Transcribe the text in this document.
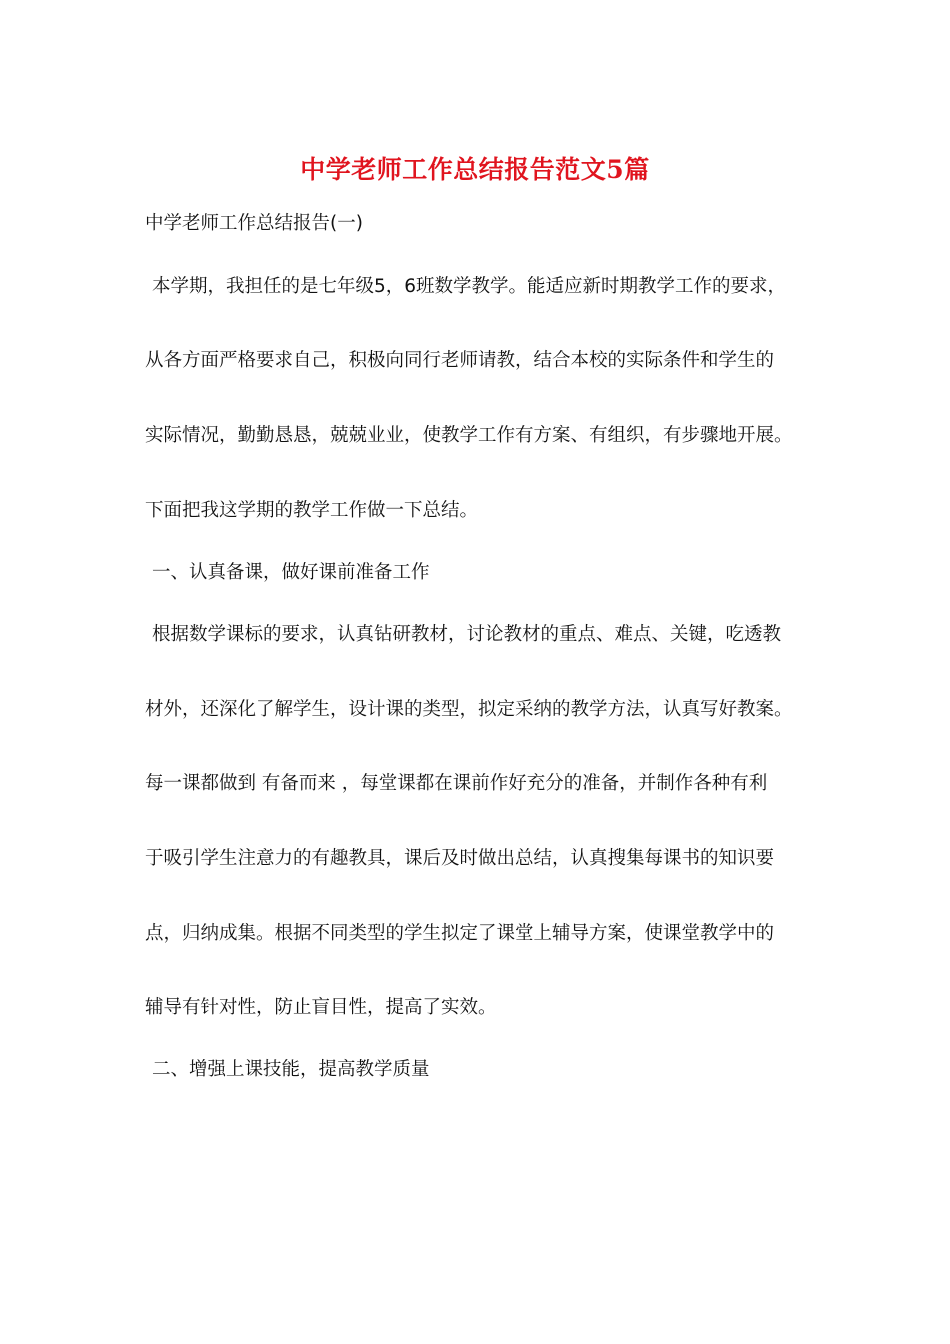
中学老师工作总结报告范文5篇

中学老师工作总结报告(一)

本学期，我担任的是七年级5，6班数学教学。能适应新时期教学工作的要求，

从各方面严格要求自己，积极向同行老师请教，结合本校的实际条件和学生的

实际情况，勤勤恳恳，兢兢业业，使教学工作有方案、有组织，有步骤地开展。

下面把我这学期的教学工作做一下总结。

一、认真备课，做好课前准备工作

根据数学课标的要求，认真钻研教材，讨论教材的重点、难点、关键，吃透教

材外，还深化了解学生，设计课的类型，拟定采纳的教学方法，认真写好教案。

每一课都做到 有备而来 ，每堂课都在课前作好充分的准备，并制作各种有利

于吸引学生注意力的有趣教具，课后及时做出总结，认真搜集每课书的知识要

点，归纳成集。根据不同类型的学生拟定了课堂上辅导方案，使课堂教学中的

辅导有针对性，防止盲目性，提高了实效。

二、增强上课技能，提高教学质量
